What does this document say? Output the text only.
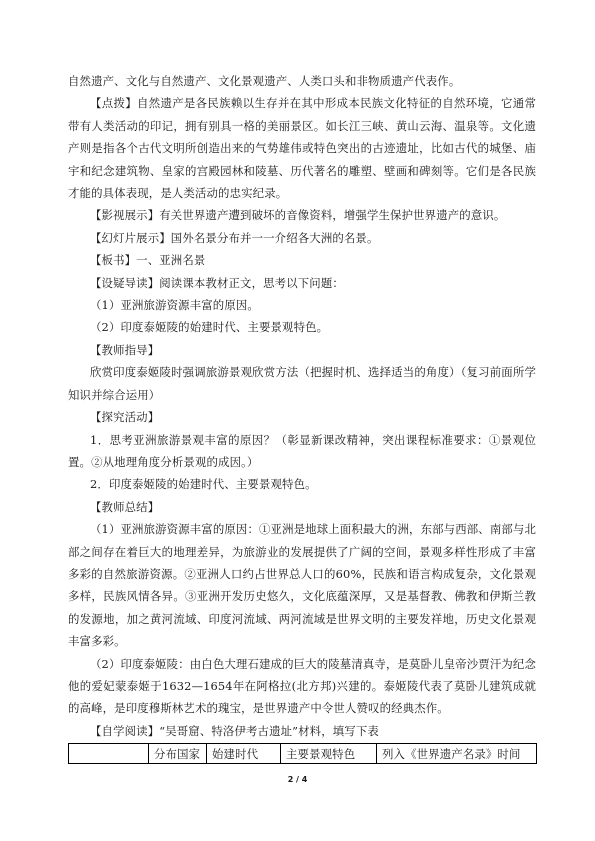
自然遗产、文化与自然遗产、文化景观遗产、人类口头和非物质遗产代表作。

【点拨】自然遗产是各民族赖以生存并在其中形成本民族文化特征的自然环境，它通常带有人类活动的印记，拥有别具一格的美丽景区。如长江三峡、黄山云海、温泉等。文化遗产则是指各个古代文明所创造出来的气势雄伟或特色突出的古迹遗址，比如古代的城堡、庙宇和纪念建筑物、皇家的宫殿园林和陵墓、历代著名的雕塑、壁画和碑刻等。它们是各民族才能的具体表现，是人类活动的忠实纪录。

【影视展示】有关世界遗产遭到破坏的音像资料，增强学生保护世界遗产的意识。

【幻灯片展示】国外名景分布并一一介绍各大洲的名景。

【板书】一、亚洲名景

【设疑导读】阅读课本教材正文，思考以下问题：

（1）亚洲旅游资源丰富的原因。

（2）印度泰姬陵的始建时代、主要景观特色。

【教师指导】

欣赏印度泰姬陵时强调旅游景观欣赏方法（把握时机、选择适当的角度）（复习前面所学知识并综合运用）

【探究活动】

1．思考亚洲旅游景观丰富的原因？（彰显新课改精神，突出课程标准要求：①景观位置。②从地理角度分析景观的成因。）

2．印度泰姬陵的始建时代、主要景观特色。

【教师总结】

（1）亚洲旅游资源丰富的原因：①亚洲是地球上面积最大的洲，东部与西部、南部与北部之间存在着巨大的地理差异，为旅游业的发展提供了广阔的空间，景观多样性形成了丰富多彩的自然旅游资源。②亚洲人口约占世界总人口的60%，民族和语言构成复杂，文化景观多样，民族风情各异。③亚洲开发历史悠久，文化底蕴深厚，又是基督教、佛教和伊斯兰教的发源地，加之黄河流域、印度河流域、两河流域是世界文明的主要发祥地，历史文化景观丰富多彩。

（2）印度泰姬陵：由白色大理石建成的巨大的陵墓清真寺，是莫卧儿皇帝沙贾汗为纪念他的爱妃蒙泰姬于1632—1654年在阿格拉(北方邦)兴建的。泰姬陵代表了莫卧儿建筑成就的高峰，是印度穆斯林艺术的瑰宝，是世界遗产中令世人赞叹的经典杰作。

【自学阅读】“吴哥窟、特洛伊考古遗址”材料，填写下表

	分布国家	始建时代	主要景观特色	列入《世界遗产名录》时间
2 / 4
